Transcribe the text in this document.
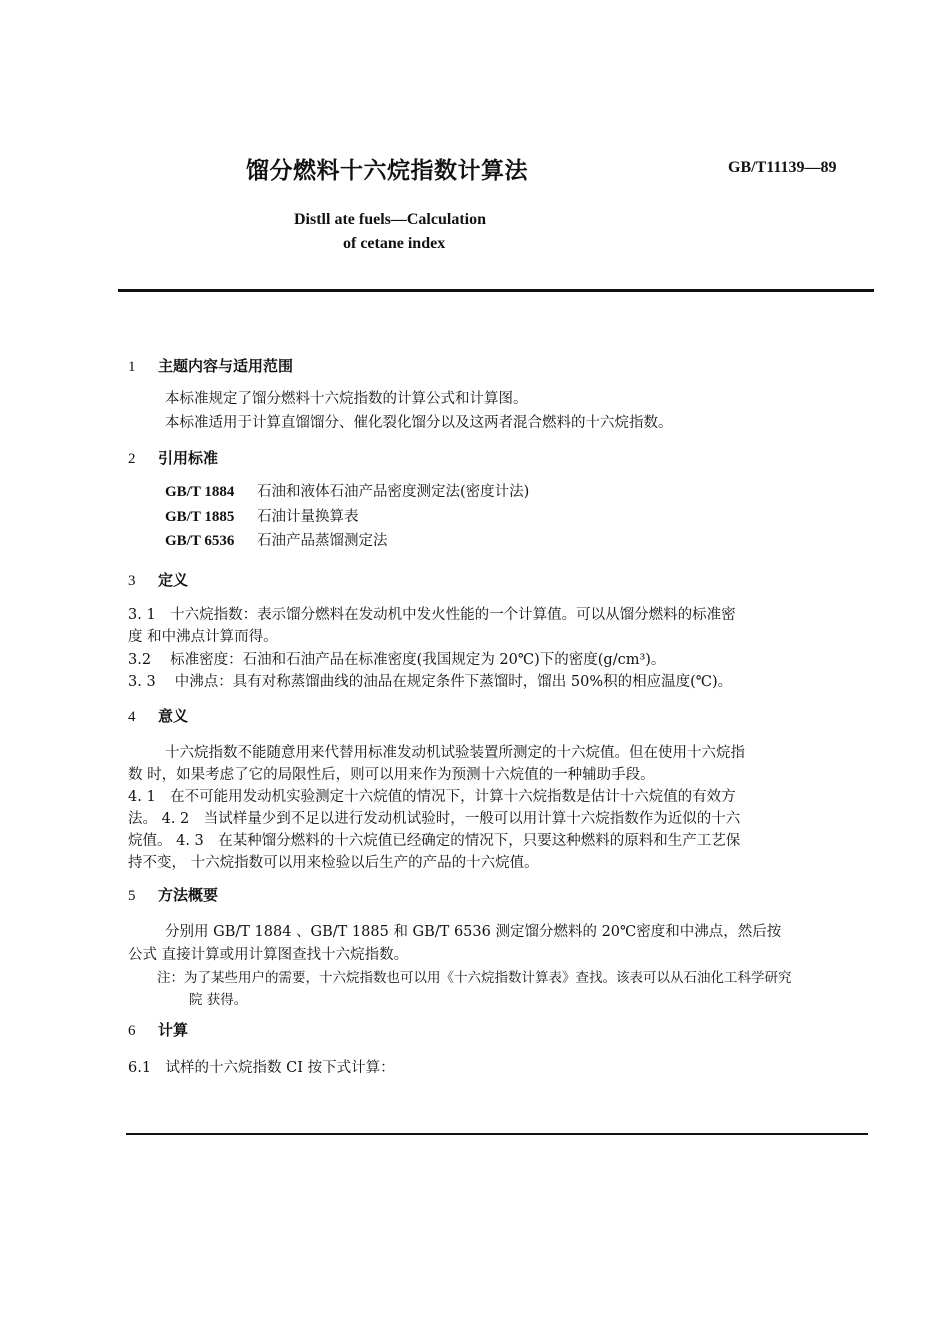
馏分燃料十六烷指数计算法	GB/T11139—89
Distll ate fuels—Calculation
of cetane index
1 主题内容与适用范围
本标准规定了馏分燃料十六烷指数的计算公式和计算图。
本标准适用于计算直馏馏分、催化裂化馏分以及这两者混合燃料的十六烷指数。
2 引用标准
GB/T 1884 石油和液体石油产品密度测定法(密度计法)
GB/T 1885 石油计量换算表
GB/T 6536 石油产品蒸馏测定法
3 定义
3. 1　十六烷指数：表示馏分燃料在发动机中发火性能的一个计算值。可以从馏分燃料的标准密
度 和中沸点计算而得。
3.2　 标准密度：石油和石油产品在标准密度(我国规定为 20℃)下的密度(g/cm³)。
3. 3　 中沸点：具有对称蒸馏曲线的油品在规定条件下蒸馏时，馏出 50%积的相应温度(℃)。
4 意义
十六烷指数不能随意用来代替用标准发动机试验装置所测定的十六烷值。但在使用十六烷指
数 时，如果考虑了它的局限性后，则可以用来作为预测十六烷值的一种辅助手段。
4. 1　在不可能用发动机实验测定十六烷值的情况下，计算十六烷指数是估计十六烷值的有效方
法。 4. 2　当试样量少到不足以进行发动机试验时，一般可以用计算十六烷指数作为近似的十六
烷值。 4. 3　在某种馏分燃料的十六烷值已经确定的情况下，只要这种燃料的原料和生产工艺保
持不变， 十六烷指数可以用来检验以后生产的产品的十六烷值。
5 方法概要
分别用 GB/T 1884 、GB/T 1885 和 GB/T 6536 测定馏分燃料的 20℃密度和中沸点，然后按
公式 直接计算或用计算图查找十六烷指数。
注：为了某些用户的需要，十六烷指数也可以用《十六烷指数计算表》查找。该表可以从石油化工科学研究
院 获得。
6 计算
6.1　试样的十六烷指数 CI 按下式计算：
